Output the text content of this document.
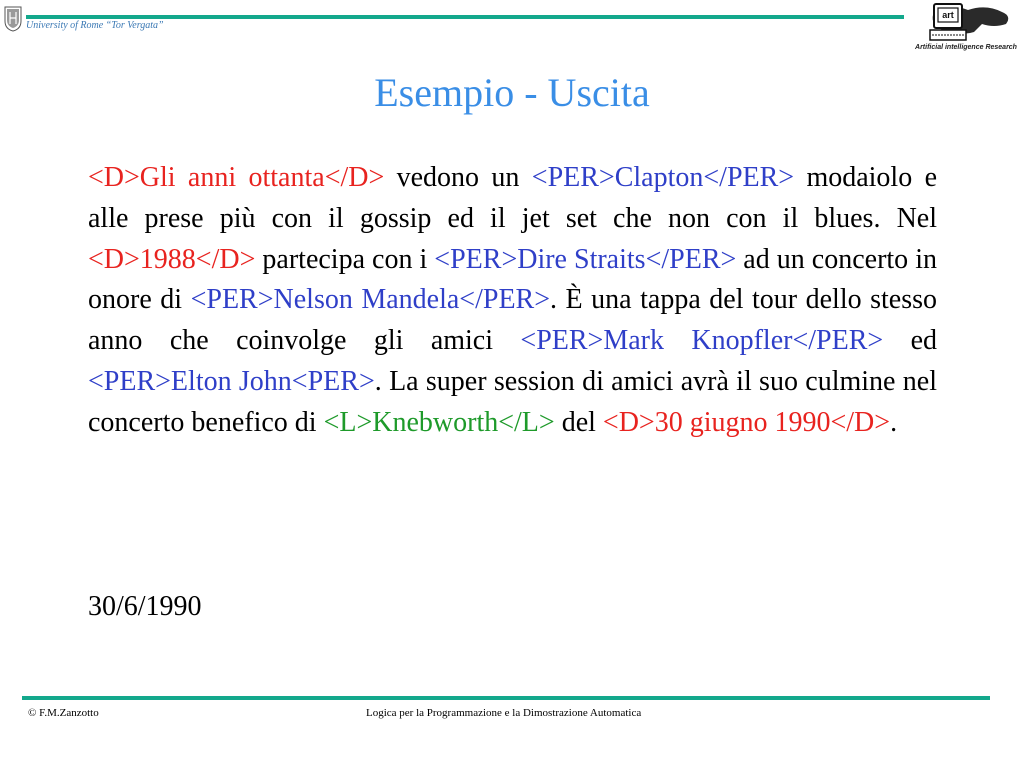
University of Rome “Tor Vergata”
art
Artificial intelligence Research
Esempio - Uscita
<D>Gli anni ottanta</D> vedono un <PER>Clapton</PER> modaiolo e alle prese più con il gossip ed il jet set che non con il blues. Nel <D>1988</D> partecipa con i <PER>Dire Straits</PER> ad un concerto in onore di <PER>Nelson Mandela</PER>. È una tappa del tour dello stesso anno che coinvolge gli amici <PER>Mark Knopfler</PER> ed <PER>Elton John<PER>. La super session di amici avrà il suo culmine nel concerto benefico di <L>Knebworth</L> del <D>30 giugno 1990</D>.
30/6/1990
© F.M.Zanzotto	Logica per la Programmazione e la Dimostrazione Automatica
